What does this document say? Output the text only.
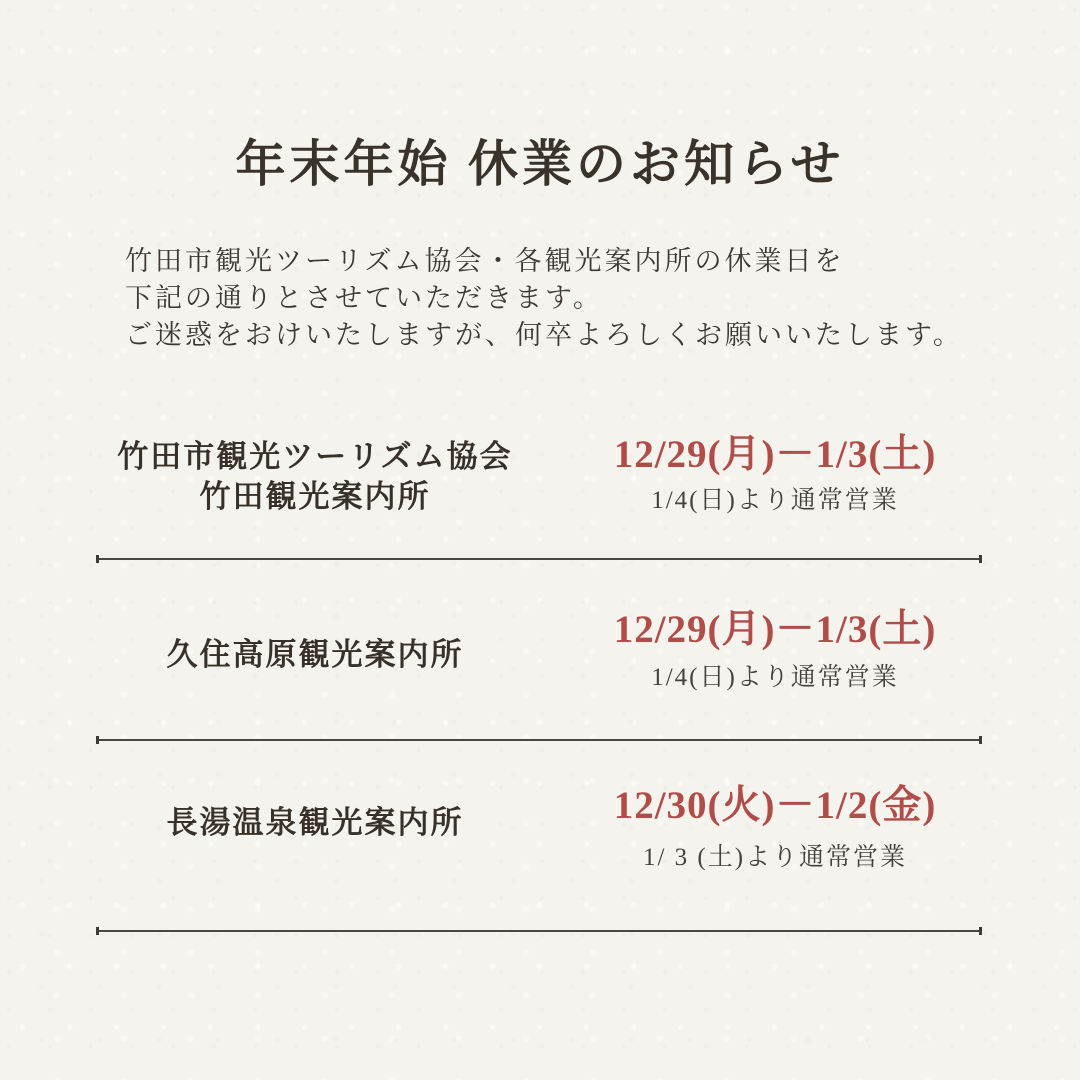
年末年始 休業のお知らせ

竹田市観光ツーリズム協会・各観光案内所の休業日を

下記の通りとさせていただきます。

ご迷惑をおけいたしますが、何卒よろしくお願いいたします。

竹田市観光ツーリズム協会
竹田観光案内所
12/29(月)－1/3(土)
1/4(日)より通常営業
久住高原観光案内所
12/29(月)－1/3(土)
1/4(日)より通常営業
長湯温泉観光案内所	12/30(火)－1/2(金)
1/ 3 (土)より通常営業
